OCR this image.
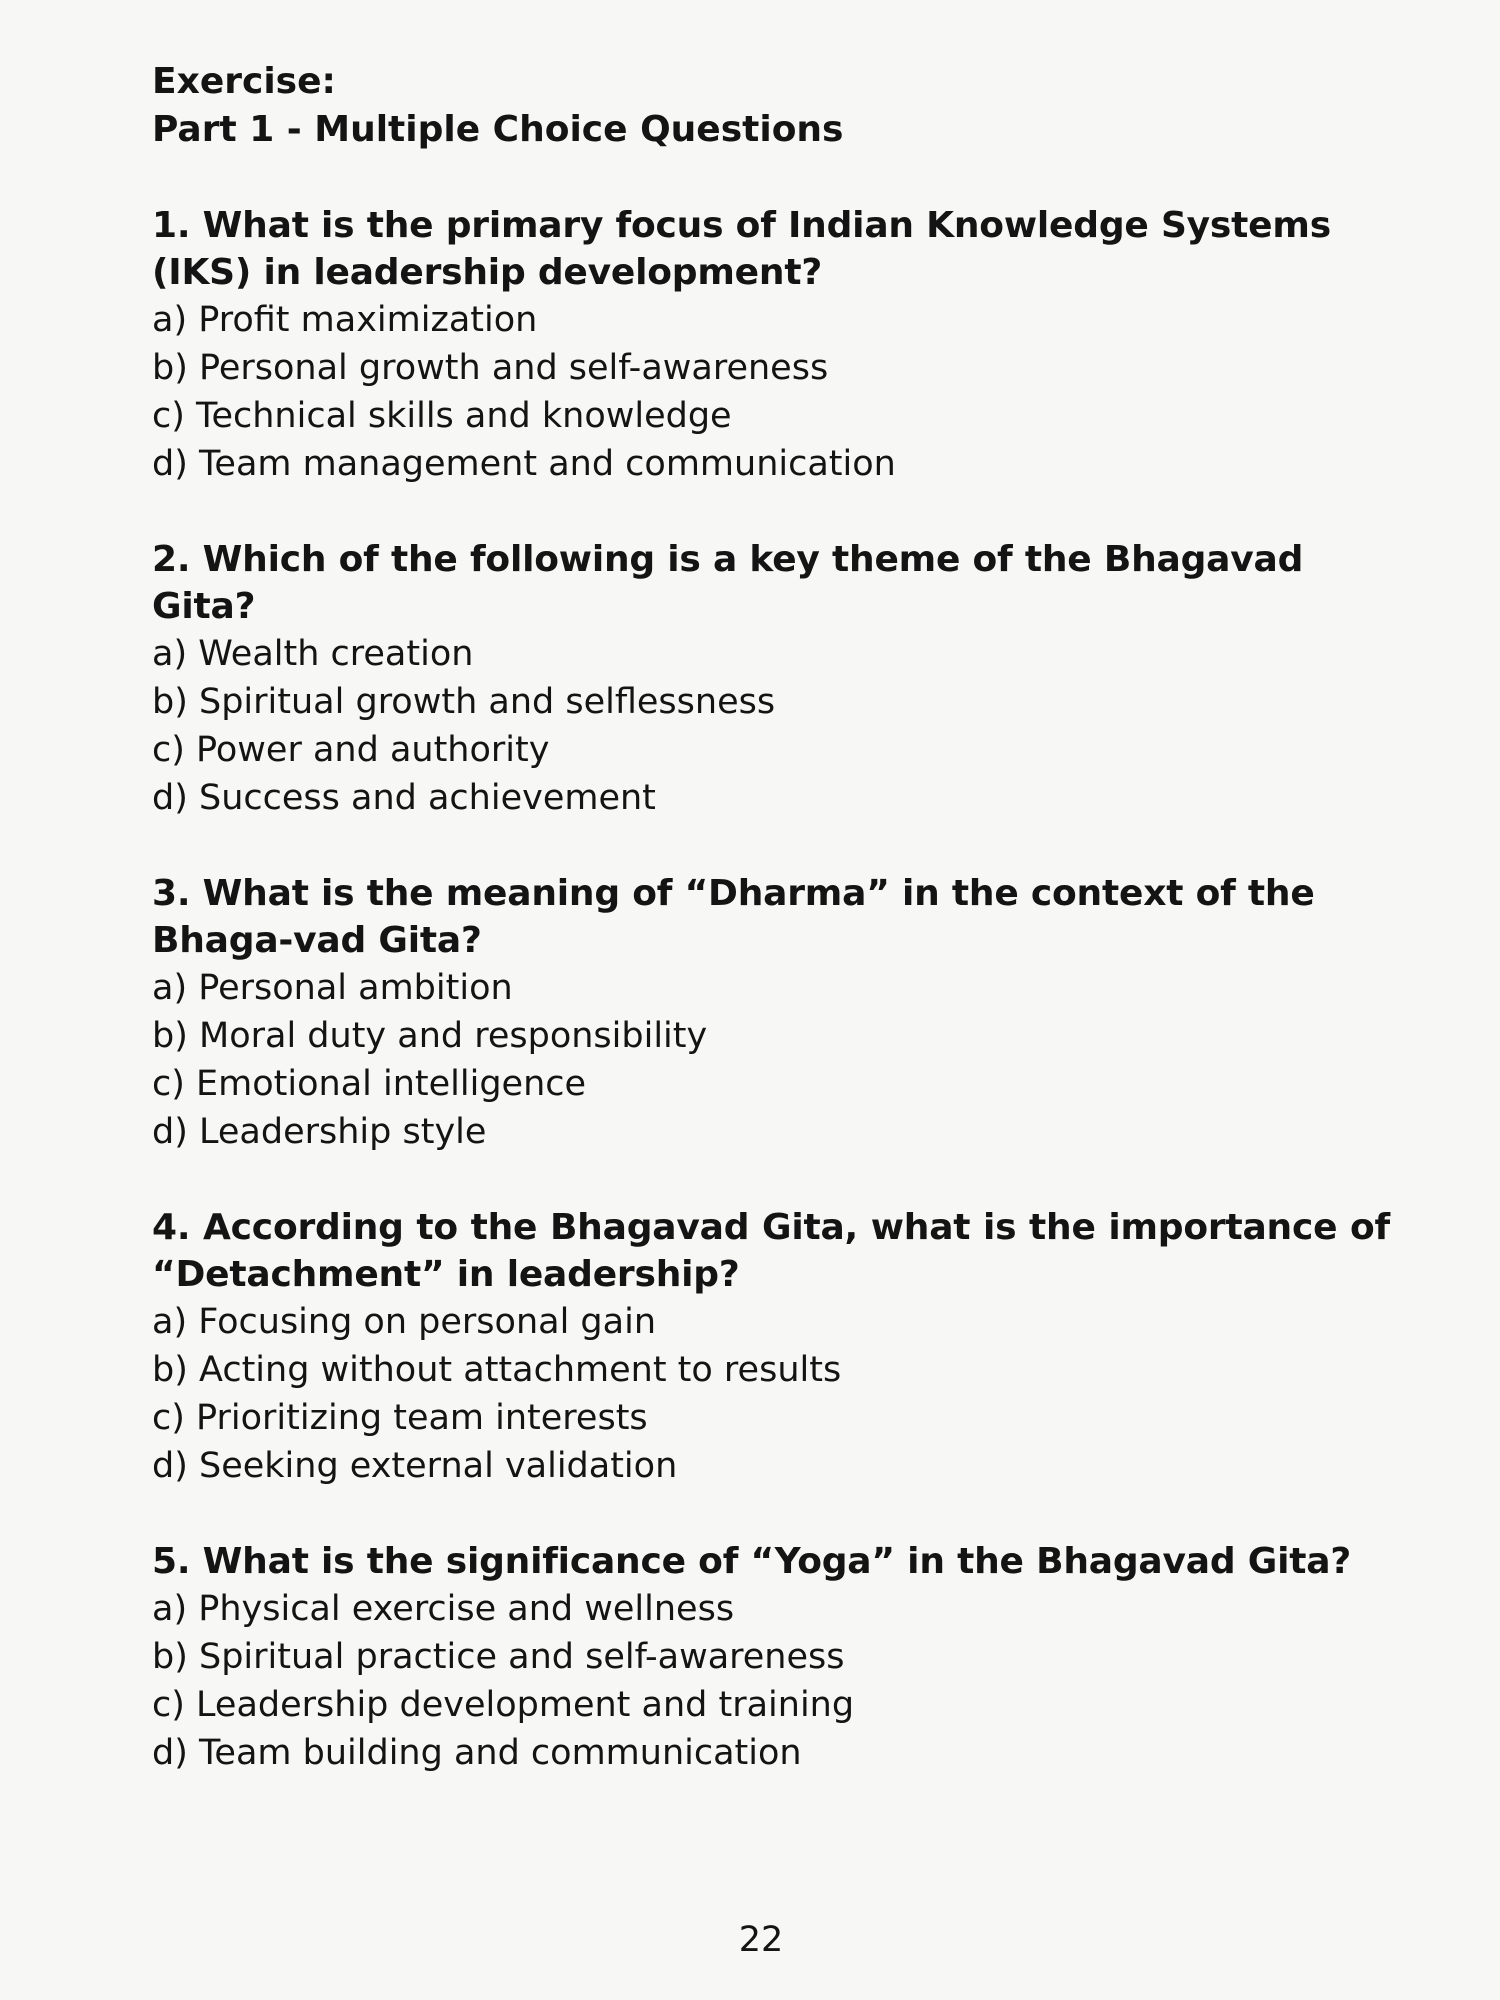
Exercise:

Part 1 - Multiple Choice Questions

1. What is the primary focus of Indian Knowledge Systems (IKS) in leadership development?

a) Profit maximization
b) Personal growth and self-awareness
c) Technical skills and knowledge
d) Team management and communication

2. Which of the following is a key theme of the Bhagavad Gita?

a) Wealth creation
b) Spiritual growth and selflessness
c) Power and authority
d) Success and achievement

3. What is the meaning of “Dharma” in the context of the Bhaga-vad Gita?

a) Personal ambition
b) Moral duty and responsibility
c) Emotional intelligence
d) Leadership style

4. According to the Bhagavad Gita, what is the importance of “Detachment” in leadership?

a) Focusing on personal gain
b) Acting without attachment to results
c) Prioritizing team interests
d) Seeking external validation

5. What is the significance of “Yoga” in the Bhagavad Gita?

a) Physical exercise and wellness
b) Spiritual practice and self-awareness
c) Leadership development and training
d) Team building and communication
22
